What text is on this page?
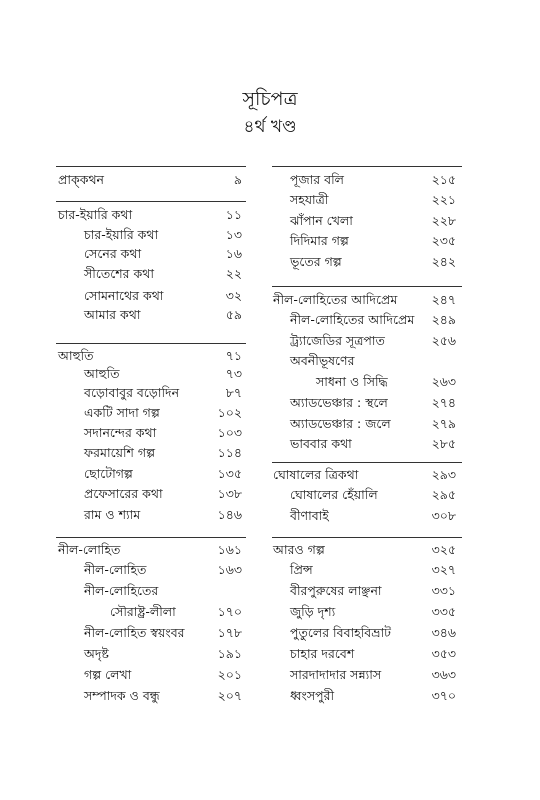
সূচিপত্র
৪র্থ খণ্ড
প্রাক্‌কথন	৯
চার-ইয়ারি কথা	১১
চার-ইয়ারি কথা	১৩
সেনের কথা	১৬
সীতেশের কথা	২২
সোমনাথের কথা	৩২
আমার কথা	৫৯
আহুতি	৭১
আহুতি	৭৩
বড়োবাবুর বড়োদিন	৮৭
একটি সাদা গল্প	১০২
সদানন্দের কথা	১০৩
ফরমায়েশি গল্প	১১৪
ছোটোগল্প	১৩৫
প্রফেসারের কথা	১৩৮
রাম ও শ্যাম	১৪৬
নীল-লোহিত	১৬১
নীল-লোহিত	১৬৩
নীল-লোহিতের
সৌরাষ্ট্র-লীলা	১৭০
নীল-লোহিত স্বয়ংবর	১৭৮
অদৃষ্ট	১৯১
গল্প লেখা	২০১
সম্পাদক ও বন্ধু	২০৭
পূজার বলি	২১৫
সহযাত্রী	২২১
ঝাঁপান খেলা	২২৮
দিদিমার গল্প	২৩৫
ভূতের গল্প	২৪২
নীল-লোহিতের আদিপ্রেম	২৪৭
নীল-লোহিতের আদিপ্রেম	২৪৯
ট্র্যাজেডির সূত্রপাত	২৫৬
অবনীভূষণের
সাধনা ও সিদ্ধি	২৬৩
অ্যাডভেঞ্চার : স্থলে	২৭৪
অ্যাডভেঞ্চার : জলে	২৭৯
ভাববার কথা	২৮৫
ঘোষালের ত্রিকথা	২৯৩
ঘোষালের হেঁয়ালি	২৯৫
বীণাবাই	৩০৮
আরও গল্প	৩২৫
প্রিন্স	৩২৭
বীরপুরুষের লাঞ্ছনা	৩৩১
জুড়ি দৃশ্য	৩৩৫
পুতুলের বিবাহবিভ্রাট	৩৪৬
চাহার দরবেশ	৩৫৩
সারদাদাদার সন্ন্যাস	৩৬৩
ধ্বংসপুরী	৩৭০
